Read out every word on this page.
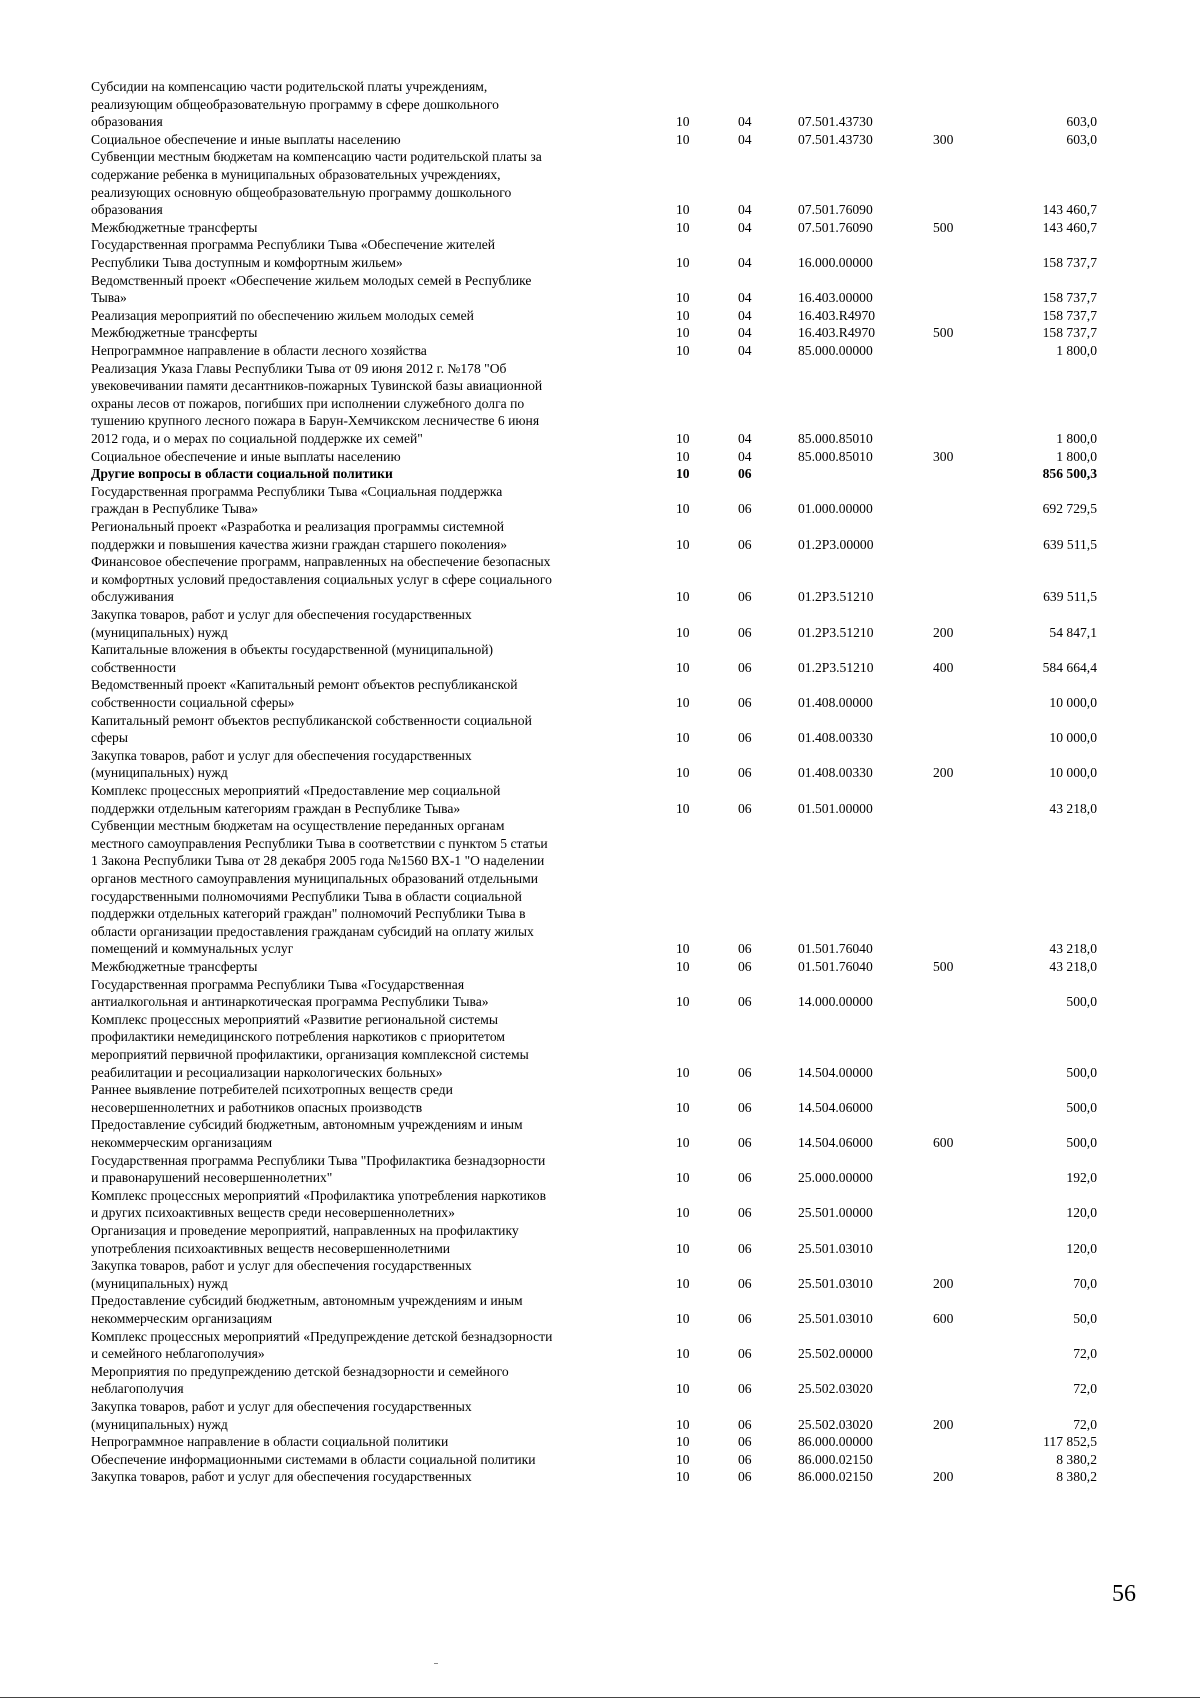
Субсидии на компенсацию части родительской платы учреждениям,
реализующим общеобразовательную программу в сфере дошкольного
образования	10	04	07.501.43730	603,0
Социальное обеспечение и иные выплаты населению	10	04	07.501.43730	300	603,0
Субвенции местным бюджетам на компенсацию части родительской платы за
содержание ребенка в муниципальных образовательных учреждениях,
реализующих основную общеобразовательную программу дошкольного
образования	10	04	07.501.76090	143 460,7
Межбюджетные трансферты	10	04	07.501.76090	500	143 460,7
Государственная программа Республики Тыва «Обеспечение жителей
Республики Тыва доступным и комфортным жильем»	10	04	16.000.00000	158 737,7
Ведомственный проект «Обеспечение жильем молодых семей в Республике
Тыва»	10	04	16.403.00000	158 737,7
Реализация мероприятий по обеспечению жильем молодых семей	10	04	16.403.R4970	158 737,7
Межбюджетные трансферты	10	04	16.403.R4970	500	158 737,7
Непрограммное направление в области лесного хозяйства	10	04	85.000.00000	1 800,0
Реализация Указа Главы Республики Тыва от 09 июня 2012 г. №178 "Об
увековечивании памяти десантников-пожарных Тувинской базы авиационной
охраны лесов от пожаров, погибших при исполнении служебного долга по
тушению крупного лесного пожара в Барун-Хемчикском лесничестве 6 июня
2012 года, и о мерах по социальной поддержке их семей"	10	04	85.000.85010	1 800,0
Социальное обеспечение и иные выплаты населению	10	04	85.000.85010	300	1 800,0
Другие вопросы в области социальной политики	10	06	856 500,3
Государственная программа Республики Тыва «Социальная поддержка
граждан в Республике Тыва»	10	06	01.000.00000	692 729,5
Региональный проект «Разработка и реализация программы системной
поддержки и повышения качества жизни граждан старшего поколения»	10	06	01.2Р3.00000	639 511,5
Финансовое обеспечение программ, направленных на обеспечение безопасных
и комфортных условий предоставления социальных услуг в сфере социального
обслуживания	10	06	01.2Р3.51210	639 511,5
Закупка товаров, работ и услуг для обеспечения государственных
(муниципальных) нужд	10	06	01.2Р3.51210	200	54 847,1
Капитальные вложения в объекты государственной (муниципальной)
собственности	10	06	01.2Р3.51210	400	584 664,4
Ведомственный проект «Капитальный ремонт объектов республиканской
собственности социальной сферы»	10	06	01.408.00000	10 000,0
Капитальный ремонт объектов республиканской собственности социальной
сферы	10	06	01.408.00330	10 000,0
Закупка товаров, работ и услуг для обеспечения государственных
(муниципальных) нужд	10	06	01.408.00330	200	10 000,0
Комплекс процессных мероприятий «Предоставление мер социальной
поддержки отдельным категориям граждан в Республике Тыва»	10	06	01.501.00000	43 218,0
Субвенции местным бюджетам на осуществление переданных органам
местного самоуправления Республики Тыва в соответствии с пунктом 5 статьи
1 Закона Республики Тыва от 28 декабря 2005 года №1560 ВХ-1 "О наделении
органов местного самоуправления муниципальных образований отдельными
государственными полномочиями Республики Тыва в области социальной
поддержки отдельных категорий граждан" полномочий Республики Тыва в
области организации предоставления гражданам субсидий на оплату жилых
помещений и коммунальных услуг	10	06	01.501.76040	43 218,0
Межбюджетные трансферты	10	06	01.501.76040	500	43 218,0
Государственная программа Республики Тыва «Государственная
антиалкогольная и антинаркотическая программа Республики Тыва»	10	06	14.000.00000	500,0
Комплекс процессных мероприятий «Развитие региональной системы
профилактики немедицинского потребления наркотиков с приоритетом
мероприятий первичной профилактики, организация комплексной системы
реабилитации и ресоциализации наркологических больных»	10	06	14.504.00000	500,0
Раннее выявление потребителей психотропных веществ среди
несовершеннолетних и работников опасных производств	10	06	14.504.06000	500,0
Предоставление субсидий бюджетным, автономным учреждениям и иным
некоммерческим организациям	10	06	14.504.06000	600	500,0
Государственная программа Республики Тыва "Профилактика безнадзорности
и правонарушений несовершеннолетних"	10	06	25.000.00000	192,0
Комплекс процессных мероприятий «Профилактика употребления наркотиков
и других психоактивных веществ среди несовершеннолетних»	10	06	25.501.00000	120,0
Организация и проведение мероприятий, направленных на профилактику
употребления психоактивных веществ несовершеннолетними	10	06	25.501.03010	120,0
Закупка товаров, работ и услуг для обеспечения государственных
(муниципальных) нужд	10	06	25.501.03010	200	70,0
Предоставление субсидий бюджетным, автономным учреждениям и иным
некоммерческим организациям	10	06	25.501.03010	600	50,0
Комплекс процессных мероприятий «Предупреждение детской безнадзорности
и семейного неблагополучия»	10	06	25.502.00000	72,0
Мероприятия по предупреждению детской безнадзорности и семейного
неблагополучия	10	06	25.502.03020	72,0
Закупка товаров, работ и услуг для обеспечения государственных
(муниципальных) нужд	10	06	25.502.03020	200	72,0
Непрограммное направление в области социальной политики	10	06	86.000.00000	117 852,5
Обеспечение информационными системами в области социальной политики	10	06	86.000.02150	8 380,2
Закупка товаров, работ и услуг для обеспечения государственных	10	06	86.000.02150	200	8 380,2
56
